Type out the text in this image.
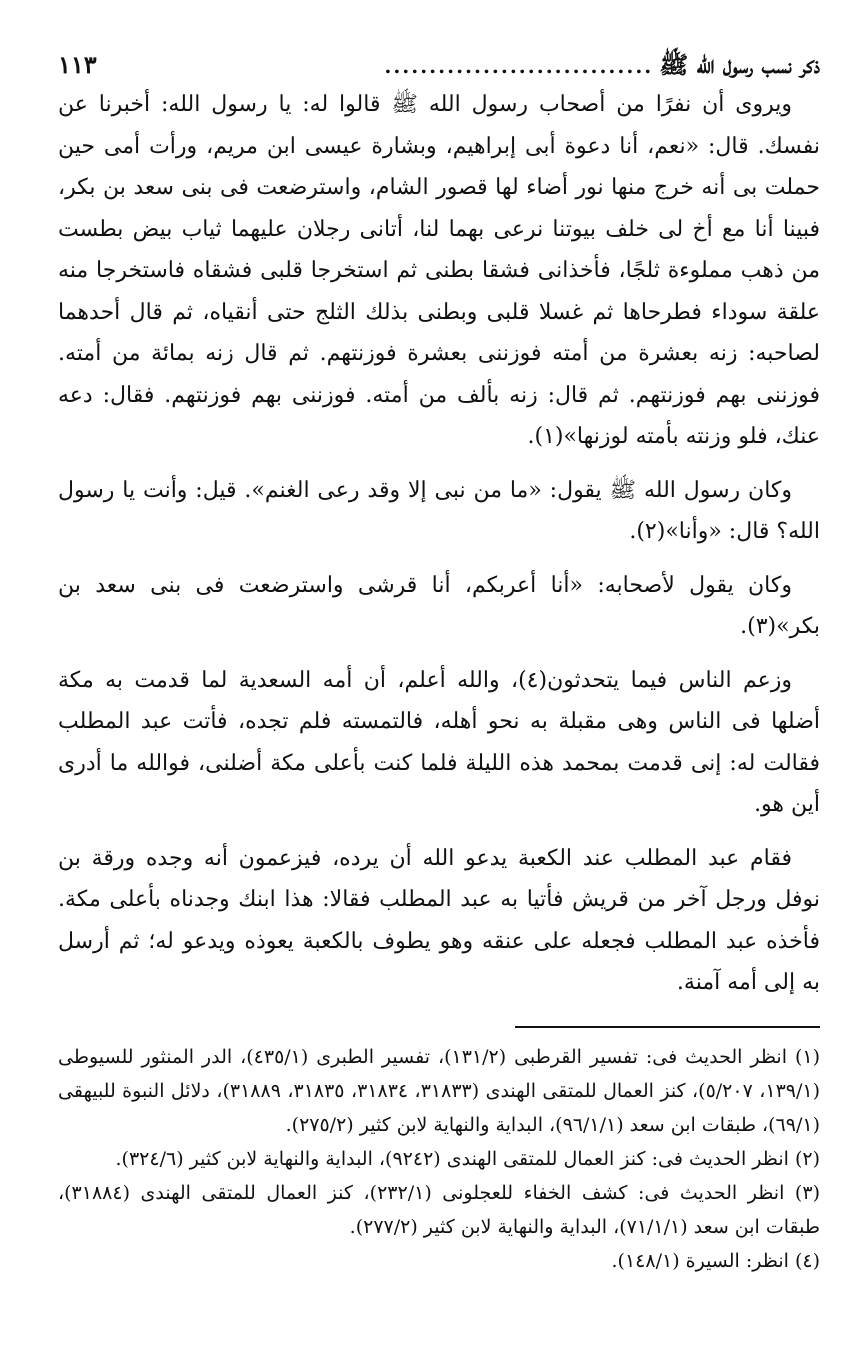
ذكر نسب رسول الله ﷺ
..............................
١١٣

ويروى أن نفرًا من أصحاب رسول الله ﷺ قالوا له: يا رسول الله: أخبرنا عن نفسك. قال: «نعم، أنا دعوة أبى إبراهيم، وبشارة عيسى ابن مريم، ورأت أمى حين حملت بى أنه خرج منها نور أضاء لها قصور الشام، واسترضعت فى بنى سعد بن بكر، فبينا أنا مع أخ لى خلف بيوتنا نرعى بهما لنا، أتانى رجلان عليهما ثياب بيض بطست من ذهب مملوءة ثلجًا، فأخذانى فشقا بطنى ثم استخرجا قلبى فشقاه فاستخرجا منه علقة سوداء فطرحاها ثم غسلا قلبى وبطنى بذلك الثلج حتى أنقياه، ثم قال أحدهما لصاحبه: زنه بعشرة من أمته فوزننى بعشرة فوزنتهم. ثم قال زنه بمائة من أمته. فوزننى بهم فوزنتهم. ثم قال: زنه بألف من أمته. فوزننى بهم فوزنتهم. فقال: دعه عنك، فلو وزنته بأمته لوزنها»(١).

وكان رسول الله ﷺ يقول: «ما من نبى إلا وقد رعى الغنم». قيل: وأنت يا رسول الله؟ قال: «وأنا»(٢).

وكان يقول لأصحابه: «أنا أعربكم، أنا قرشى واسترضعت فى بنى سعد بن بكر»(٣).

وزعم الناس فيما يتحدثون(٤)، والله أعلم، أن أمه السعدية لما قدمت به مكة أضلها فى الناس وهى مقبلة به نحو أهله، فالتمسته فلم تجده، فأتت عبد المطلب فقالت له: إنى قدمت بمحمد هذه الليلة فلما كنت بأعلى مكة أضلنى، فوالله ما أدرى أين هو.

فقام عبد المطلب عند الكعبة يدعو الله أن يرده، فيزعمون أنه وجده ورقة بن نوفل ورجل آخر من قريش فأتيا به عبد المطلب فقالا: هذا ابنك وجدناه بأعلى مكة. فأخذه عبد المطلب فجعله على عنقه وهو يطوف بالكعبة يعوذه ويدعو له؛ ثم أرسل به إلى أمه آمنة.

(١) انظر الحديث فى: تفسير القرطبى (١٣١/٢)، تفسير الطبرى (٤٣٥/١)، الدر المنثور للسيوطى (١٣٩/١، ٥/٢٠٧)، كنز العمال للمتقى الهندى (٣١٨٣٣، ٣١٨٣٤، ٣١٨٣٥، ٣١٨٨٩)، دلائل النبوة للبيهقى (٦٩/١)، طبقات ابن سعد (٩٦/١/١)، البداية والنهاية لابن كثير (٢٧٥/٢).

(٢) انظر الحديث فى: كنز العمال للمتقى الهندى (٩٢٤٢)، البداية والنهاية لابن كثير (٣٢٤/٦).

(٣) انظر الحديث فى: كشف الخفاء للعجلونى (٢٣٢/١)، كنز العمال للمتقى الهندى (٣١٨٨٤)، طبقات ابن سعد (٧١/١/١)، البداية والنهاية لابن كثير (٢٧٧/٢).

(٤) انظر: السيرة (١٤٨/١).
